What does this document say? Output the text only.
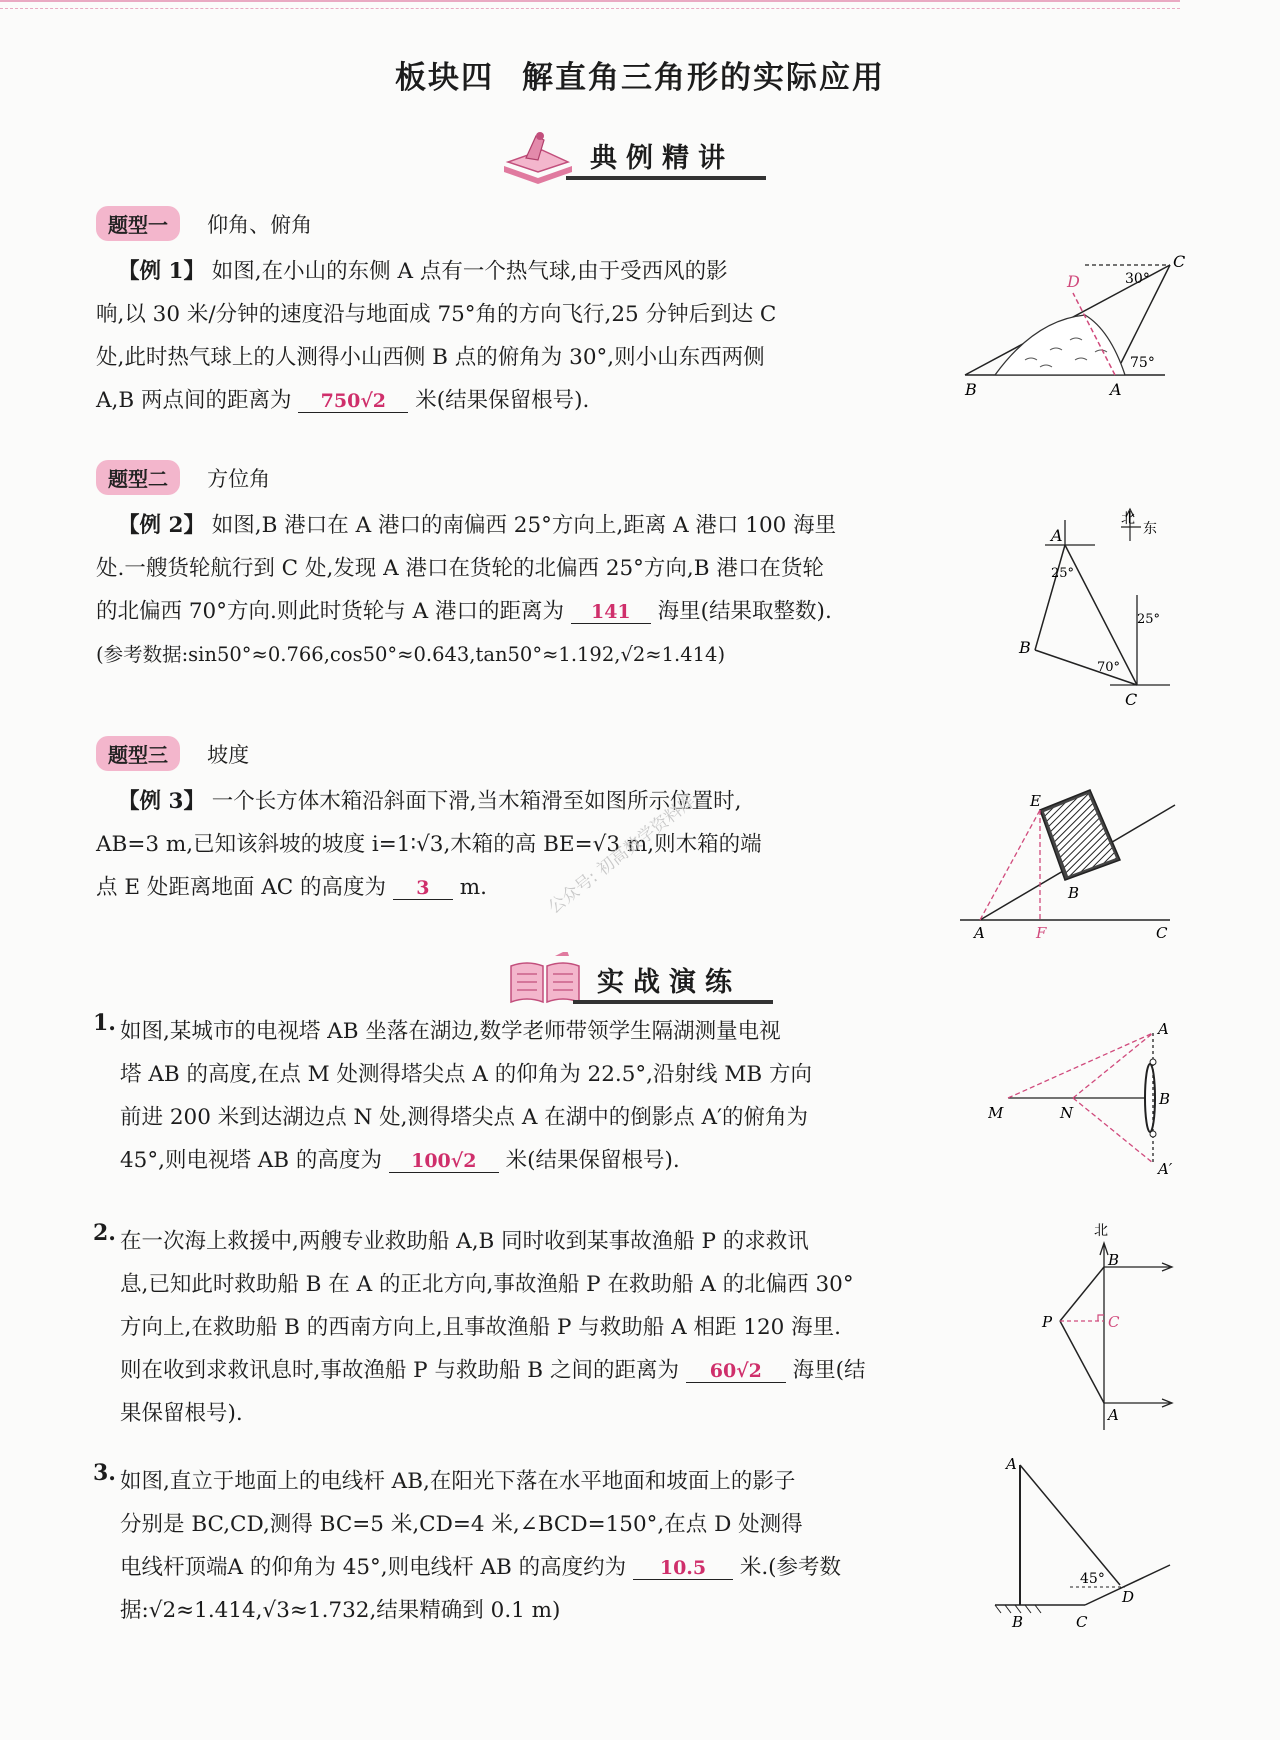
板块四 解直角三角形的实际应用
典例精讲
题型一 仰角、俯角
【例 1】 如图,在小山的东侧 A 点有一个热气球,由于受西风的影
响,以 30 米/分钟的速度沿与地面成 75°角的方向飞行,25 分钟后到达 C
处,此时热气球上的人测得小山西侧 B 点的俯角为 30°,则小山东西两侧
A,B 两点间的距离为 750√2 米(结果保留根号).	B	A
C
D	30°
75°
题型二 方位角
【例 2】 如图,B 港口在 A 港口的南偏西 25°方向上,距离 A 港口 100 海里
处.一艘货轮航行到 C 处,发现 A 港口在货轮的北偏西 25°方向,B 港口在货轮
的北偏西 70°方向.则此时货轮与 A 港口的距离为 141 海里(结果取整数).
(参考数据:sin50°≈0.766,cos50°≈0.643,tan50°≈1.192,√2≈1.414)
北
东
A
B
C
25°
25°
70°
题型三 坡度
【例 3】 一个长方体木箱沿斜面下滑,当木箱滑至如图所示位置时,
AB=3 m,已知该斜坡的坡度 i=1∶√3,木箱的高 BE=√3 m,则木箱的端
点 E 处距离地面 AC 的高度为 3 m.
E
B
A	F	C
实战演练
1. 如图,某城市的电视塔 AB 坐落在湖边,数学老师带领学生隔湖测量电视
塔 AB 的高度,在点 M 处测得塔尖点 A 的仰角为 22.5°,沿射线 MB 方向
前进 200 米到达湖边点 N 处,测得塔尖点 A 在湖中的倒影点 A′的俯角为
45°,则电视塔 AB 的高度为 100√2 米(结果保留根号).
A
M	N
B
A′
2. 在一次海上救援中,两艘专业救助船 A,B 同时收到某事故渔船 P 的求救讯
息,已知此时救助船 B 在 A 的正北方向,事故渔船 P 在救助船 A 的北偏西 30°
方向上,在救助船 B 的西南方向上,且事故渔船 P 与救助船 A 相距 120 海里.
则在收到求救讯息时,事故渔船 P 与救助船 B 之间的距离为 60√2 海里(结
果保留根号).
北
B
P	C
A
3. 如图,直立于地面上的电线杆 AB,在阳光下落在水平地面和坡面上的影子
分别是 BC,CD,测得 BC=5 米,CD=4 米,∠BCD=150°,在点 D 处测得
电线杆顶端A 的仰角为 45°,则电线杆 AB 的高度约为 10.5 米.(参考数
据:√2≈1.414,√3≈1.732,结果精确到 0.1 m)
A
D
B	C
45°
公众号: 初高数学资料库
